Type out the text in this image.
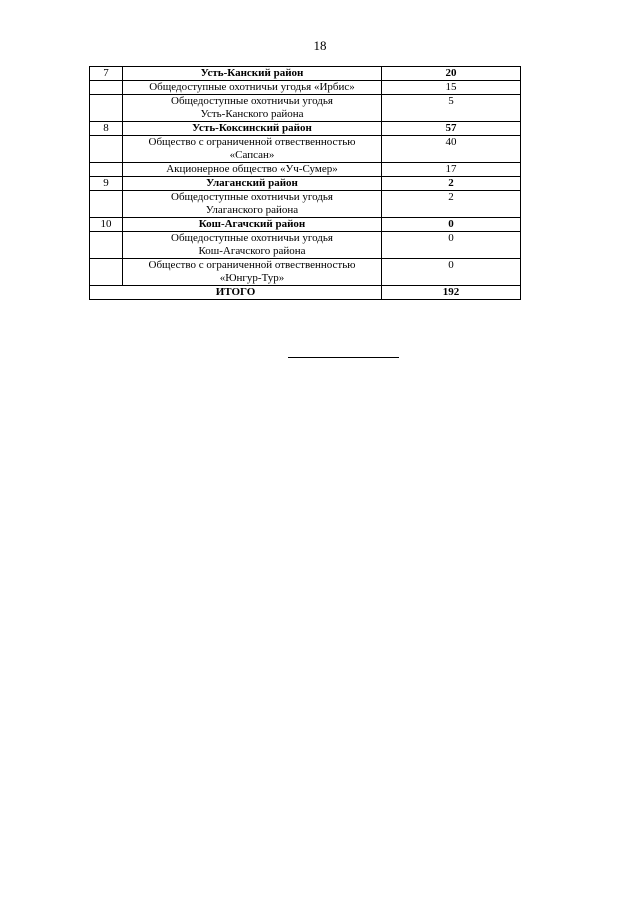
18
7	Усть-Канский район	20
	Общедоступные охотничьи угодья «Ирбис»	15
	Общедоступные охотничьи угодья
Усть-Канского района	5
8	Усть-Коксинский район	57
	Общество с ограниченной отвественностью
«Сапсан»	40
	Акционерное общество «Уч-Сумер»	17
9	Улаганский район	2
	Общедоступные охотничьи угодья
Улаганского района	2
10	Кош-Агачский район	0
	Общедоступные охотничьи угодья
Кош-Агачского района	0
	Общество с ограниченной отвественностью
«Юнгур-Тур»	0
ИТОГО		192
